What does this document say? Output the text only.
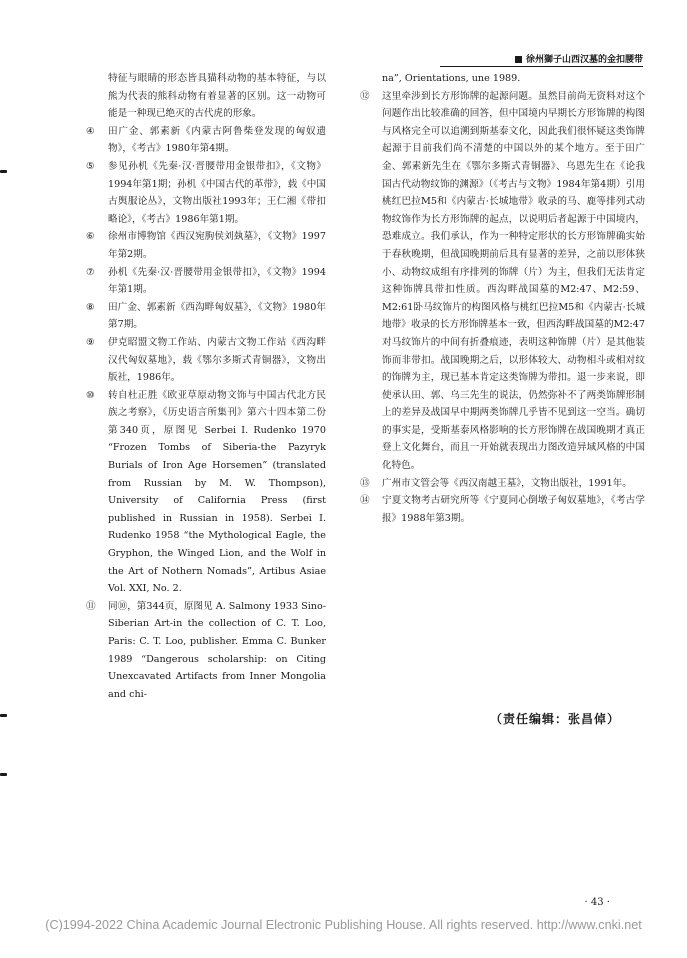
徐州獅子山西汉墓的金扣腰带

特征与眼睛的形态皆具猫科动物的基本特征，与以熊为代表的熊科动物有着显著的区别。这一动物可能是一种现已绝灭的古代虎的形象。

④ 田广金、郭素新《内蒙古阿鲁柴登发现的匈奴遗物》，《考古》1980年第4期。

⑤ 参见孙机《先秦·汉·晋腰带用金银带扣》，《文物》1994年第1期；孙机《中国古代的革带》，载《中国古舆服论丛》，文物出版社1993年；王仁湘《带扣略论》，《考古》1986年第1期。

⑥ 徐州市博物馆《西汉宛朐侯刘埶墓》，《文物》1997年第2期。

⑦ 孙机《先秦·汉·晋腰带用金银带扣》，《文物》1994年第1期。

⑧ 田广金、郭素新《西沟畔匈奴墓》，《文物》1980年第7期。

⑨ 伊克昭盟文物工作站、内蒙古文物工作站《西沟畔汉代匈奴墓地》，载《鄂尔多斯式青铜器》，文物出版社，1986年。

⑩ 转自杜正胜《欧亚草原动物文饰与中国古代北方民族之考察》，《历史语言所集刊》第六十四本第二份第340页，原图见 Serbei I. Rudenko 1970 “Frozen Tombs of Siberia-the Pazyryk Burials of Iron Age Horsemen” (translated from Russian by M. W. Thompson), University of California Press (first published in Russian in 1958). Serbei I. Rudenko 1958 “the Mythological Eagle, the Gryphon, the Winged Lion, and the Wolf in the Art of Nothern Nomads”, Artibus Asiae Vol. XXI, No. 2.

⑪ 同⑩，第344页，原图见 A. Salmony 1933 Sino-Siberian Art-in the collection of C. T. Loo, Paris: C. T. Loo, publisher. Emma C. Bunker 1989 “Dangerous scholarship: on Citing Unexcavated Artifacts from Inner Mongolia and chi-

na”, Orientations, une 1989.

⑫ 这里牵涉到长方形饰牌的起源问题。虽然目前尚无资料对这个问题作出比较准确的回答，但中国境内早期长方形饰牌的构图与风格完全可以追溯到斯基泰文化，因此我们很怀疑这类饰牌起源于目前我们尚不清楚的中国以外的某个地方。至于田广金、郭素新先生在《鄂尔多斯式青铜器》、乌恩先生在《论我国古代动物纹饰的渊源》（《考古与文物》1984年第4期）引用桃红巴拉M5和《内蒙古·长城地带》收录的马、鹿等排列式动物纹饰作为长方形饰牌的起点，以说明后者起源于中国境内，恐难成立。我们承认，作为一种特定形状的长方形饰牌确实始于春秋晚期，但战国晚期前后具有显著的差异，之前以形体狭小、动物纹成组有序排列的饰牌（片）为主，但我们无法肯定这种饰牌具带扣性质。西沟畔战国墓的M2:47、M2:59、M2:61卧马纹饰片的构图风格与桃红巴拉M5和《内蒙古·长城地带》收录的长方形饰牌基本一致，但西沟畔战国墓的M2:47对马纹饰片的中间有折叠痕迹，表明这种饰牌（片）是其他装饰而非带扣。战国晚期之后，以形体较大、动物相斗或相对纹的饰牌为主，现已基本肯定这类饰牌为带扣。退一步来说，即使承认田、郭、乌三先生的说法，仍然弥补不了两类饰牌形制上的差异及战国早中期两类饰牌几乎皆不见到这一空当。确切的事实是，受斯基泰风格影响的长方形饰牌在战国晚期才真正登上文化舞台，而且一开始就表现出力图改造异域风格的中国化特色。

⑬ 广州市文管会等《西汉南越王墓》，文物出版社，1991年。

⑭ 宁夏文物考古研究所等《宁夏同心倒墩子匈奴墓地》，《考古学报》1988年第3期。

（责任编辑：张昌倬）
· 43 ·
(C)1994-2022 China Academic Journal Electronic Publishing House. All rights reserved. http://www.cnki.net
